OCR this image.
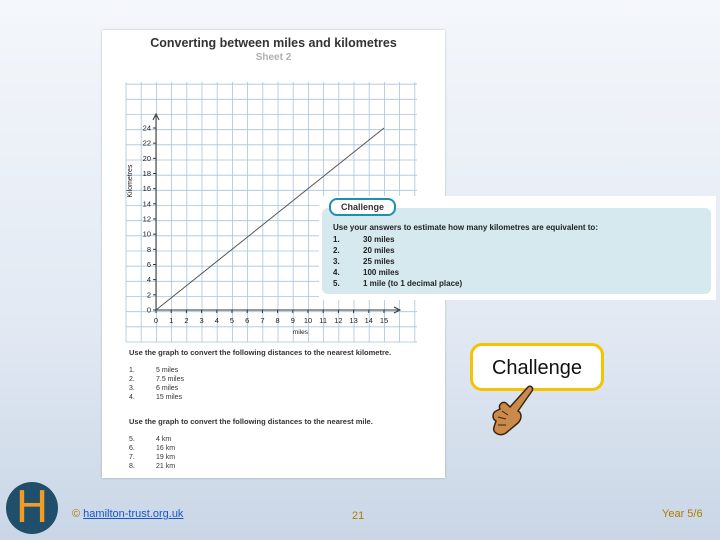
Converting between miles and kilometres
Sheet 2
0 1 2 3 4 5 6 7 8 9 10 11 12 13 14 15
0
2
4
6
8
10
12
14
16
18
20
22
24
miles
Kilometres
Use the graph to convert the following distances to the nearest kilometre.
1.	5 miles
2.	7.5 miles
3.	6 miles
4.	15 miles
Use the graph to convert the following distances to the nearest mile.
5.	4 km
6.	16 km
7.	19 km
8.	21 km
Use your answers to estimate how many kilometres are equivalent to:
1.	30 miles
2.	20 miles
3.	25 miles
4.	100 miles
5.	1 mile (to 1 decimal place)
Challenge
Challenge
H © hamilton-trust.org.uk	21	Year 5/6
